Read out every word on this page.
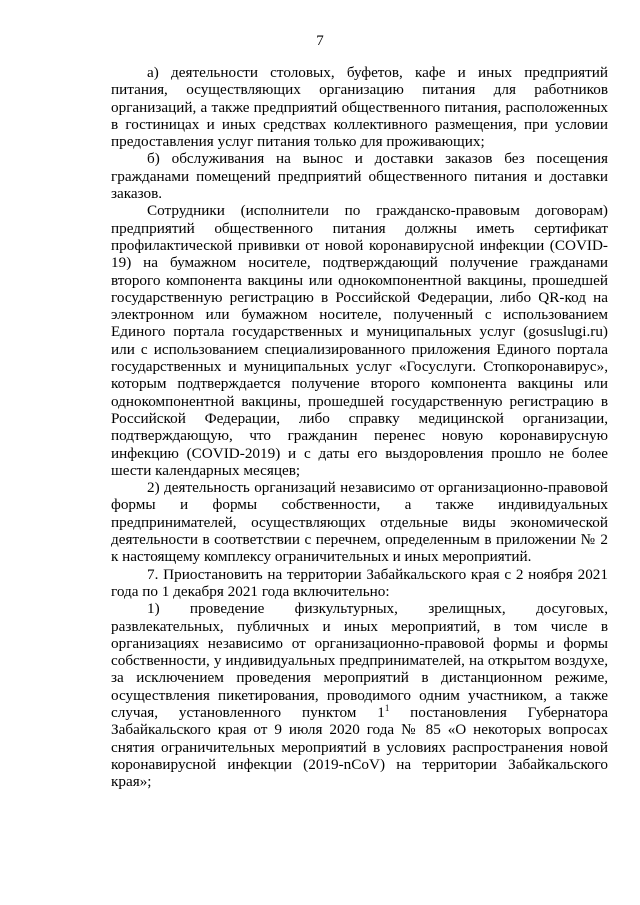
7

а) деятельности столовых, буфетов, кафе и иных предприятий питания, осуществляющих организацию питания для работников организаций, а также предприятий общественного питания, расположенных в гостиницах и иных средствах коллективного размещения, при условии предоставления услуг питания только для проживающих;

б) обслуживания на вынос и доставки заказов без посещения гражданами помещений предприятий общественного питания и доставки заказов.

Сотрудники (исполнители по гражданско-правовым договорам) предприятий общественного питания должны иметь сертификат профилактической прививки от новой коронавирусной инфекции (COVID-19) на бумажном носителе, подтверждающий получение гражданами второго компонента вакцины или однокомпонентной вакцины, прошедшей государственную регистрацию в Российской Федерации, либо QR-код на электронном или бумажном носителе, полученный с использованием Единого портала государственных и муниципальных услуг (gosuslugi.ru) или с использованием специализированного приложения Единого портала государственных и муниципальных услуг «Госуслуги. Стопкоронавирус», которым подтверждается получение второго компонента вакцины или однокомпонентной вакцины, прошедшей государственную регистрацию в Российской Федерации, либо справку медицинской организации, подтверждающую, что гражданин перенес новую коронавирусную инфекцию (COVID-2019) и с даты его выздоровления прошло не более шести календарных месяцев;

2) деятельность организаций независимо от организационно-правовой формы и формы собственности, а также индивидуальных предпринимателей, осуществляющих отдельные виды экономической деятельности в соответствии с перечнем, определенным в приложении № 2 к настоящему комплексу ограничительных и иных мероприятий.

7. Приостановить на территории Забайкальского края с 2 ноября 2021 года по 1 декабря 2021 года включительно:

1) проведение физкультурных, зрелищных, досуговых, развлекательных, публичных и иных мероприятий, в том числе в организациях независимо от организационно-правовой формы и формы собственности, у индивидуальных предпринимателей, на открытом воздухе, за исключением проведения мероприятий в дистанционном режиме, осуществления пикетирования, проводимого одним участником, а также случая, установленного пунктом $1^1$ постановления Губернатора Забайкальского края от 9 июля 2020 года № 85 «О некоторых вопросах снятия ограничительных мероприятий в условиях распространения новой коронавирусной инфекции (2019-nCoV) на территории Забайкальского края»;
